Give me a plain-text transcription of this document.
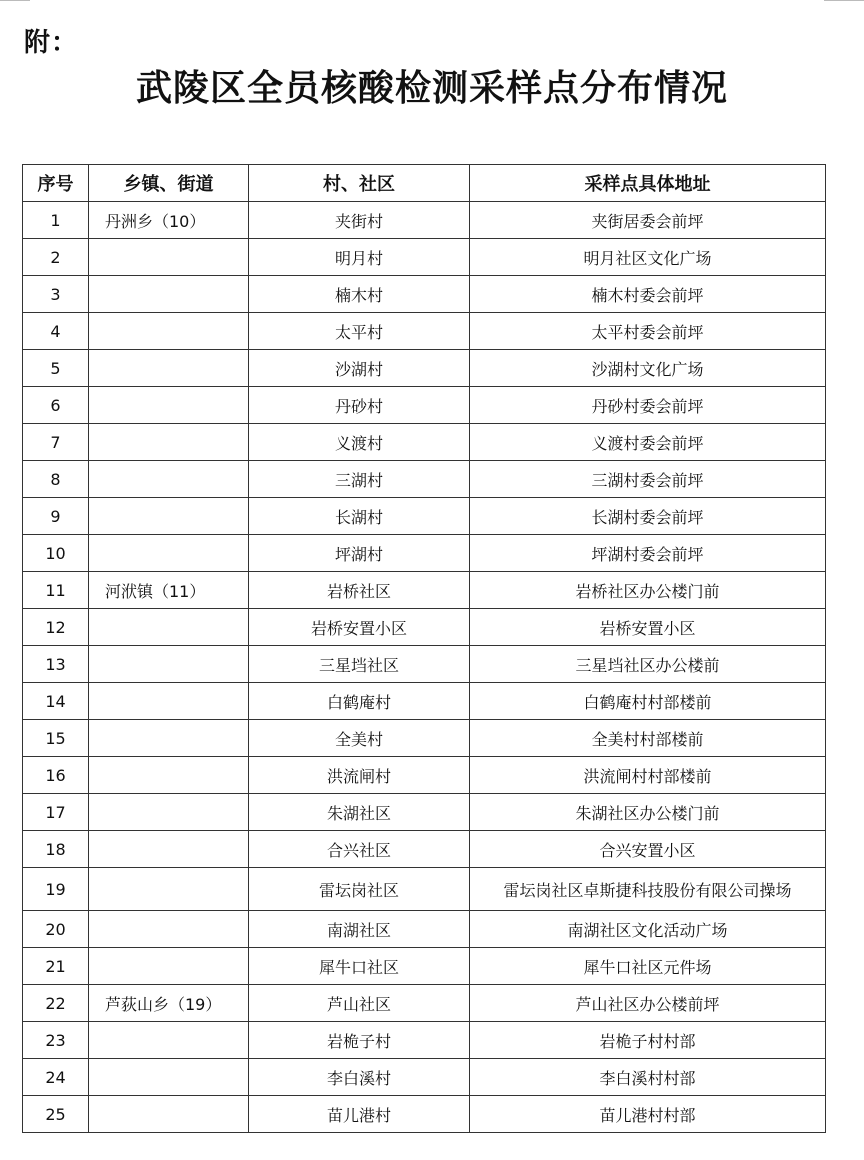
附：
武陵区全员核酸检测采样点分布情况
序号	乡镇、街道	村、社区	采样点具体地址
1	丹洲乡（10）	夹街村	夹街居委会前坪
2		明月村	明月社区文化广场
3		楠木村	楠木村委会前坪
4		太平村	太平村委会前坪
5		沙湖村	沙湖村文化广场
6		丹砂村	丹砂村委会前坪
7		义渡村	义渡村委会前坪
8		三湖村	三湖村委会前坪
9		长湖村	长湖村委会前坪
10		坪湖村	坪湖村委会前坪
11	河洑镇（11）	岩桥社区	岩桥社区办公楼门前
12		岩桥安置小区	岩桥安置小区
13		三星垱社区	三星垱社区办公楼前
14		白鹤庵村	白鹤庵村村部楼前
15		全美村	全美村村部楼前
16		洪流闸村	洪流闸村村部楼前
17		朱湖社区	朱湖社区办公楼门前
18		合兴社区	合兴安置小区
19		雷坛岗社区	雷坛岗社区卓斯捷科技股份有限公司操场
20		南湖社区	南湖社区文化活动广场
21		犀牛口社区	犀牛口社区元件场
22	芦荻山乡（19）	芦山社区	芦山社区办公楼前坪
23		岩桅子村	岩桅子村村部
24		李白溪村	李白溪村村部
25		苗儿港村	苗儿港村村部
